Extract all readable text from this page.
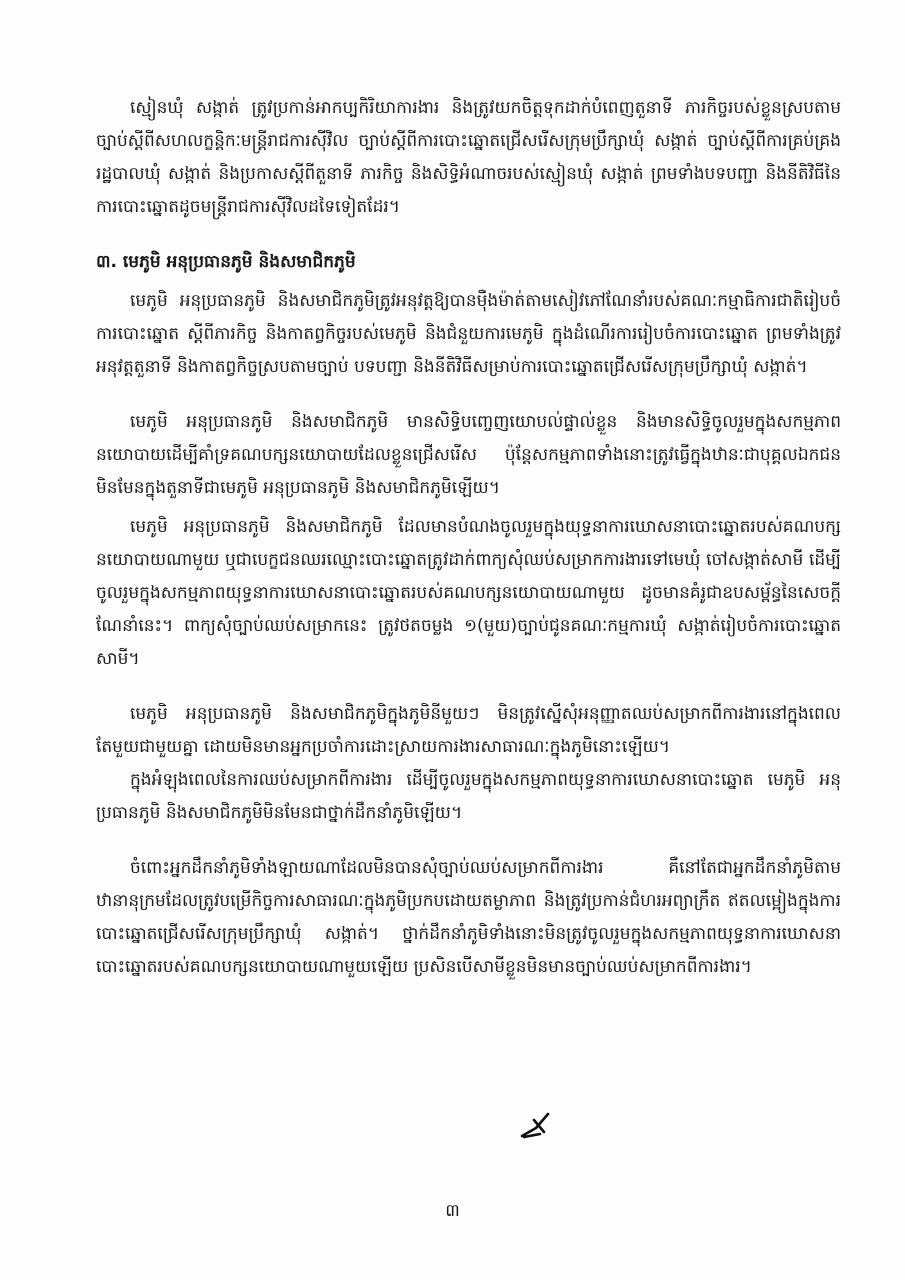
ស្មៀនឃុំ សង្កាត់ ត្រូវប្រកាន់អាកប្បកិរិយាការងារ និងត្រូវយកចិត្តទុកដាក់បំពេញតួនាទី ភារកិច្ចរបស់ខ្លួនស្របតាមច្បាប់ស្តីពីសហលក្ខន្តិកៈមន្ត្រីរាជការស៊ីវិល ច្បាប់ស្តីពីការបោះឆ្នោតជ្រើសរើសក្រុមប្រឹក្សាឃុំ សង្កាត់ ច្បាប់ស្តីពីការគ្រប់គ្រងរដ្ឋបាលឃុំ សង្កាត់ និងប្រកាសស្តីពីតួនាទី ភារកិច្ច និងសិទ្ធិអំណាចរបស់ស្មៀនឃុំ សង្កាត់ ព្រមទាំងបទបញ្ជា និងនីតិវិធីនៃការបោះឆ្នោតដូចមន្ត្រីរាជការស៊ីវិលដទៃទៀតដែរ។

៣. មេភូមិ អនុប្រធានភូមិ និងសមាជិកភូមិ

មេភូមិ អនុប្រធានភូមិ និងសមាជិកភូមិត្រូវអនុវត្តឱ្យបានម៉ឺងម៉ាត់តាមសៀវភៅណែនាំរបស់គណៈកម្មាធិការជាតិរៀបចំការបោះឆ្នោត ស្តីពីភារកិច្ច និងកាតព្វកិច្ចរបស់មេភូមិ និងជំនួយការមេភូមិ ក្នុងដំណើរការរៀបចំការបោះឆ្នោត ព្រមទាំងត្រូវអនុវត្តតួនាទី និងកាតព្វកិច្ចស្របតាមច្បាប់ បទបញ្ជា និងនីតិវិធីសម្រាប់ការបោះឆ្នោតជ្រើសរើសក្រុមប្រឹក្សាឃុំ សង្កាត់។

មេភូមិ អនុប្រធានភូមិ និងសមាជិកភូមិ មានសិទ្ធិបញ្ចេញយោបល់ផ្ទាល់ខ្លួន និងមានសិទ្ធិចូលរួមក្នុងសកម្មភាពនយោបាយដើម្បីគាំទ្រគណបក្សនយោបាយដែលខ្លួនជ្រើសរើស ប៉ុន្តែសកម្មភាពទាំងនោះត្រូវធ្វើក្នុងឋានៈជាបុគ្គលឯកជន មិនមែនក្នុងតួនាទីជាមេភូមិ អនុប្រធានភូមិ និងសមាជិកភូមិឡើយ។

មេភូមិ អនុប្រធានភូមិ និងសមាជិកភូមិ ដែលមានបំណងចូលរួមក្នុងយុទ្ធនាការឃោសនាបោះឆ្នោតរបស់គណបក្សនយោបាយណាមួយ ឬជាបេក្ខជនឈរឈ្មោះបោះឆ្នោតត្រូវដាក់ពាក្យសុំឈប់សម្រាកការងារទៅមេឃុំ ចៅសង្កាត់សាមី ដើម្បីចូលរួមក្នុងសកម្មភាពយុទ្ធនាការឃោសនាបោះឆ្នោតរបស់គណបក្សនយោបាយណាមួយ ដូចមានគំរូជាឧបសម្ព័ន្ធនៃសេចក្តីណែនាំនេះ។ ពាក្យសុំច្បាប់ឈប់សម្រាកនេះ ត្រូវថតចម្លង ១(មួយ)ច្បាប់ជូនគណៈកម្មការឃុំ សង្កាត់រៀបចំការបោះឆ្នោតសាមី។

មេភូមិ អនុប្រធានភូមិ និងសមាជិកភូមិក្នុងភូមិនីមួយៗ មិនត្រូវស្នើសុំអនុញ្ញាតឈប់សម្រាកពីការងារនៅក្នុងពេលតែមួយជាមួយគ្នា ដោយមិនមានអ្នកប្រចាំការដោះស្រាយការងារសាធារណៈក្នុងភូមិនោះឡើយ។

ក្នុងអំឡុងពេលនៃការឈប់សម្រាកពីការងារ ដើម្បីចូលរួមក្នុងសកម្មភាពយុទ្ធនាការឃោសនាបោះឆ្នោត មេភូមិ អនុប្រធានភូមិ និងសមាជិកភូមិមិនមែនជាថ្នាក់ដឹកនាំភូមិឡើយ។

ចំពោះអ្នកដឹកនាំភូមិទាំងឡាយណាដែលមិនបានសុំច្បាប់ឈប់សម្រាកពីការងារ គឺនៅតែជាអ្នកដឹកនាំភូមិតាមឋានានុក្រមដែលត្រូវបម្រើកិច្ចការសាធារណៈក្នុងភូមិប្រកបដោយតម្លាភាព និងត្រូវប្រកាន់ជំហរអព្យាក្រឹត ឥតលម្អៀងក្នុងការបោះឆ្នោតជ្រើសរើសក្រុមប្រឹក្សាឃុំ សង្កាត់។ ថ្នាក់ដឹកនាំភូមិទាំងនោះមិនត្រូវចូលរួមក្នុងសកម្មភាពយុទ្ធនាការឃោសនាបោះឆ្នោតរបស់គណបក្សនយោបាយណាមួយឡើយ ប្រសិនបើសាមីខ្លួនមិនមានច្បាប់ឈប់សម្រាកពីការងារ។

៣
